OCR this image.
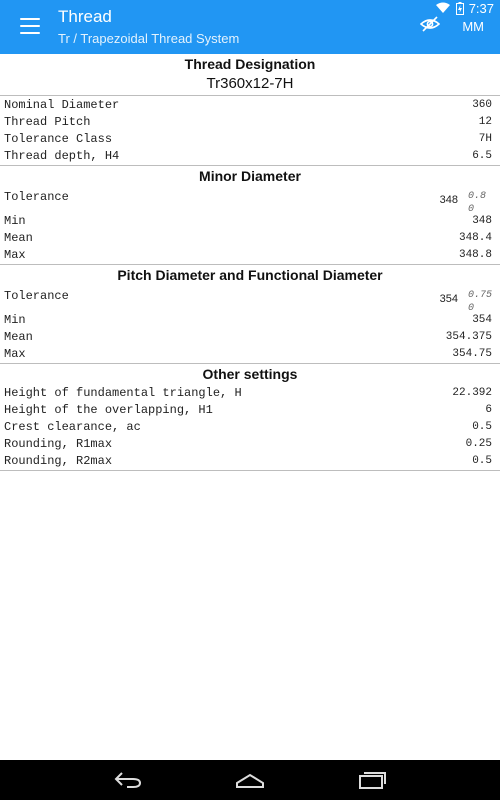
Thread
Tr / Trapezoidal Thread System
MM
7:37
Thread Designation
Tr360x12-7H
Nominal Diameter	360
Thread Pitch	12
Tolerance Class	7H
Thread depth, H4	6.5
Minor Diameter
Tolerance	348 0.8
0
Min	348
Mean	348.4
Max	348.8
Pitch Diameter and Functional Diameter
Tolerance	354 0.75
0
Min	354
Mean	354.375
Max	354.75
Other settings
Height of fundamental triangle, H	22.392
Height of the overlapping, H1	6
Crest clearance, ac	0.5
Rounding, R1max	0.25
Rounding, R2max	0.5
